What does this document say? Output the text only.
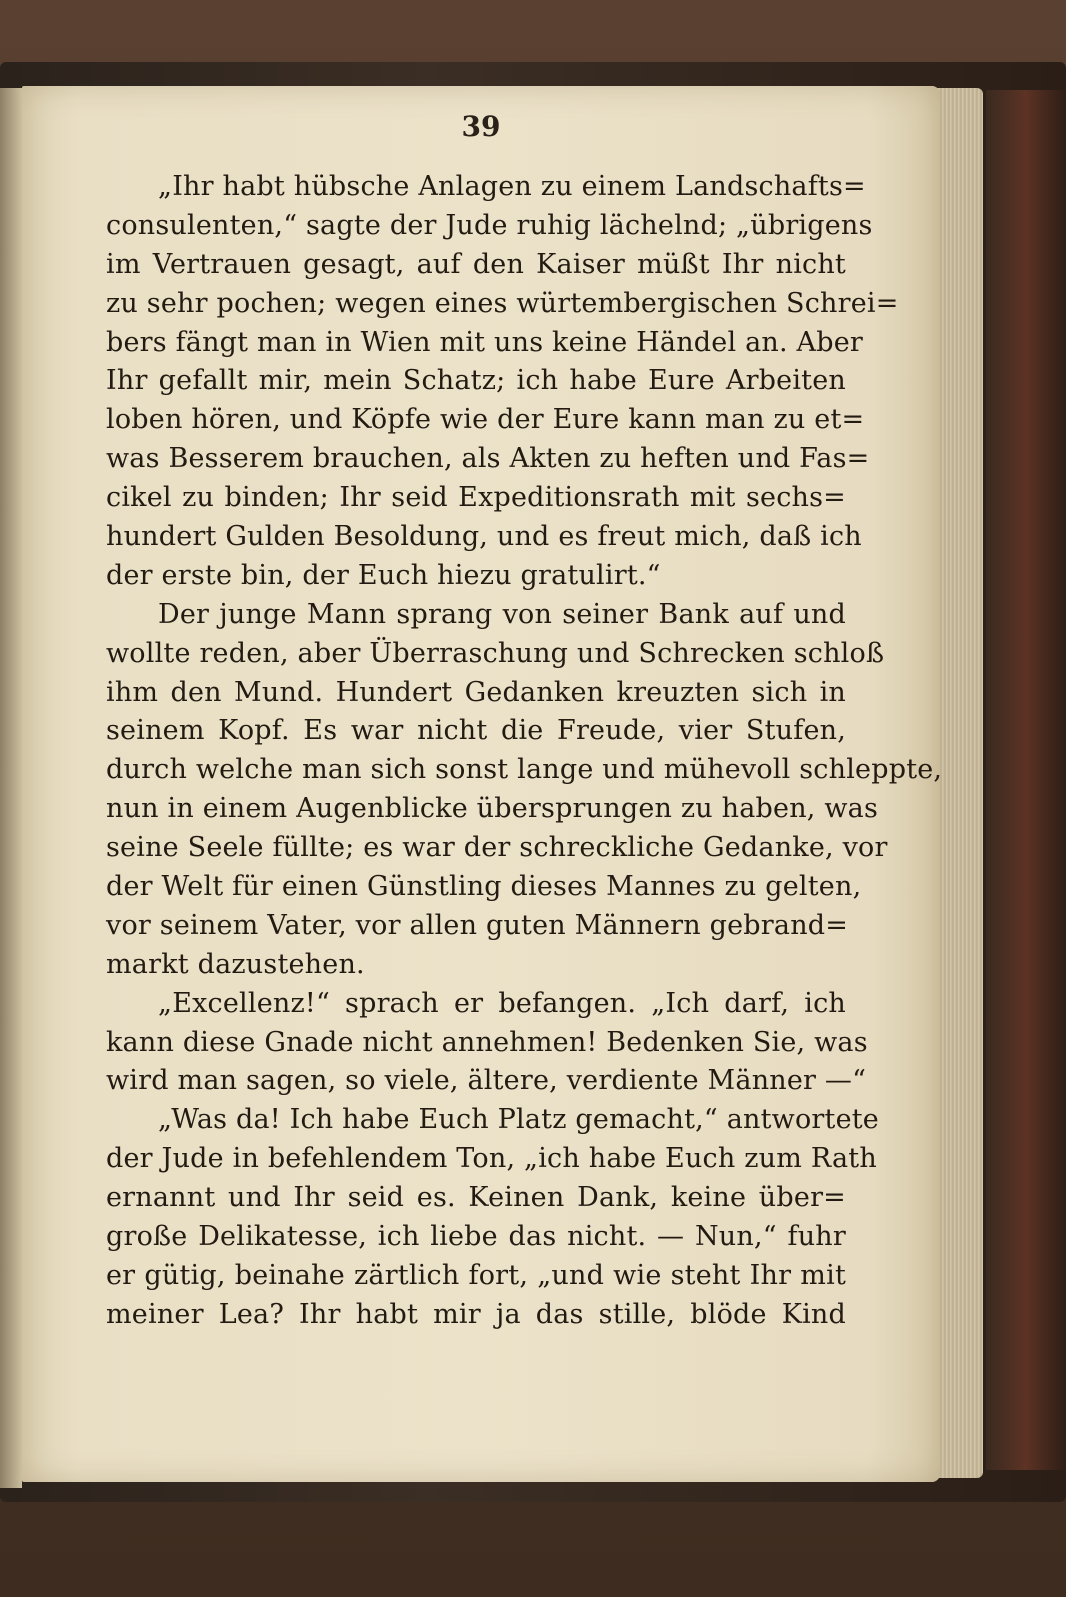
39
„Ihr habt hübsche Anlagen zu einem Landschafts=
consulenten,“ sagte der Jude ruhig lächelnd; „übrigens
im Vertrauen gesagt, auf den Kaiser müßt Ihr nicht
zu sehr pochen; wegen eines würtembergischen Schrei=
bers fängt man in Wien mit uns keine Händel an. Aber
Ihr gefallt mir, mein Schatz; ich habe Eure Arbeiten
loben hören, und Köpfe wie der Eure kann man zu et=
was Besserem brauchen, als Akten zu heften und Fas=
cikel zu binden; Ihr seid Expeditionsrath mit sechs=
hundert Gulden Besoldung, und es freut mich, daß ich
der erste bin, der Euch hiezu gratulirt.“
Der junge Mann sprang von seiner Bank auf und
wollte reden, aber Überraschung und Schrecken schloß
ihm den Mund. Hundert Gedanken kreuzten sich in
seinem Kopf. Es war nicht die Freude, vier Stufen,
durch welche man sich sonst lange und mühevoll schleppte,
nun in einem Augenblicke übersprungen zu haben, was
seine Seele füllte; es war der schreckliche Gedanke, vor
der Welt für einen Günstling dieses Mannes zu gelten,
vor seinem Vater, vor allen guten Männern gebrand=
markt dazustehen.
„Excellenz!“ sprach er befangen. „Ich darf, ich
kann diese Gnade nicht annehmen! Bedenken Sie, was
wird man sagen, so viele, ältere, verdiente Männer —“
„Was da! Ich habe Euch Platz gemacht,“ antwortete
der Jude in befehlendem Ton, „ich habe Euch zum Rath
ernannt und Ihr seid es. Keinen Dank, keine über=
große Delikatesse, ich liebe das nicht. — Nun,“ fuhr
er gütig, beinahe zärtlich fort, „und wie steht Ihr mit
meiner Lea? Ihr habt mir ja das stille, blöde Kind
